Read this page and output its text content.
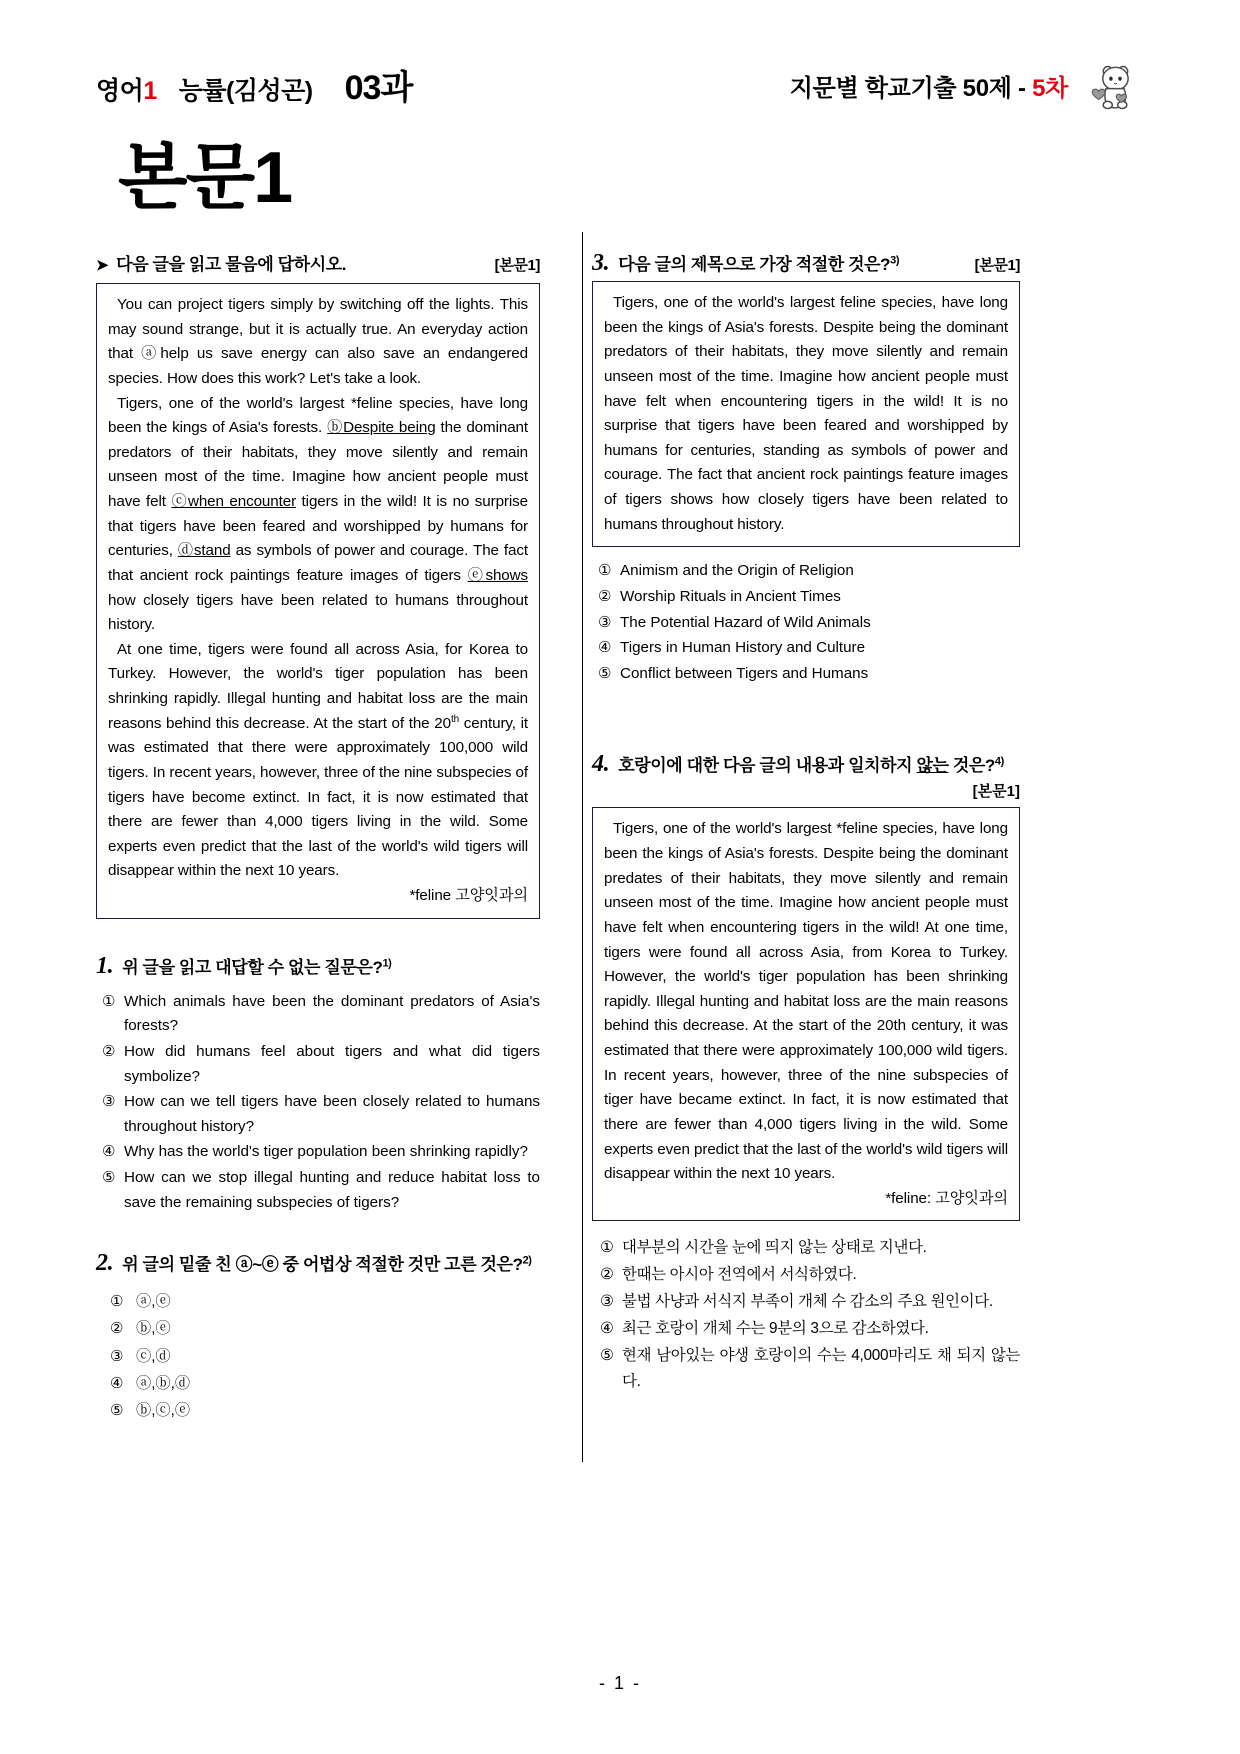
영어1 능률(김성곤) 03과	지문별 학교기출 50제 - 5차
본문1
➤ 다음 글을 읽고 물음에 답하시오.	[본문1]

You can project tigers simply by switching off the lights. This may sound strange, but it is actually true. An everyday action that ⓐhelp us save energy can also save an endangered species. How does this work? Let's take a look.

Tigers, one of the world's largest *feline species, have long been the kings of Asia's forests. ⓑDespite being the dominant predators of their habitats, they move silently and remain unseen most of the time. Imagine how ancient people must have felt ⓒwhen encounter tigers in the wild! It is no surprise that tigers have been feared and worshipped by humans for centuries, ⓓstand as symbols of power and courage. The fact that ancient rock paintings feature images of tigers ⓔshows how closely tigers have been related to humans throughout history.

At one time, tigers were found all across Asia, for Korea to Turkey. However, the world's tiger population has been shrinking rapidly. Illegal hunting and habitat loss are the main reasons behind this decrease. At the start of the 20th century, it was estimated that there were approximately 100,000 wild tigers. In recent years, however, three of the nine subspecies of tigers have become extinct. In fact, it is now estimated that there are fewer than 4,000 tigers living in the wild. Some experts even predict that the last of the world's wild tigers will disappear within the next 10 years.

*feline 고양잇과의

1. 위 글을 읽고 대답할 수 없는 질문은?$^{1)}$
① Which animals have been the dominant predators of Asia's forests?
② How did humans feel about tigers and what did tigers symbolize?
③ How can we tell tigers have been closely related to humans throughout history?
④ Why has the world's tiger population been shrinking rapidly?
⑤ How can we stop illegal hunting and reduce habitat loss to save the remaining subspecies of tigers?
2. 위 글의 밑줄 친 ⓐ~ⓔ 중 어법상 적절한 것만 고른 것은?$^{2)}$
① ⓐ,ⓔ
② ⓑ,ⓔ
③ ⓒ,ⓓ
④ ⓐ,ⓑ,ⓓ
⑤ ⓑ,ⓒ,ⓔ
3. 다음 글의 제목으로 가장 적절한 것은?$^{3)}$	[본문1]

Tigers, one of the world's largest feline species, have long been the kings of Asia's forests. Despite being the dominant predators of their habitats, they move silently and remain unseen most of the time. Imagine how ancient people must have felt when encountering tigers in the wild! It is no surprise that tigers have been feared and worshipped by humans for centuries, standing as symbols of power and courage. The fact that ancient rock paintings feature images of tigers shows how closely tigers have been related to humans throughout history.

① Animism and the Origin of Religion
② Worship Rituals in Ancient Times
③ The Potential Hazard of Wild Animals
④ Tigers in Human History and Culture
⑤ Conflict between Tigers and Humans
4. 호랑이에 대한 다음 글의 내용과 일치하지 않는 것은?$^{4)}$
[본문1]

Tigers, one of the world's largest *feline species, have long been the kings of Asia's forests. Despite being the dominant predates of their habitats, they move silently and remain unseen most of the time. Imagine how ancient people must have felt when encountering tigers in the wild! At one time, tigers were found all across Asia, from Korea to Turkey. However, the world's tiger population has been shrinking rapidly. Illegal hunting and habitat loss are the main reasons behind this decrease. At the start of the 20th century, it was estimated that there were approximately 100,000 wild tigers. In recent years, however, three of the nine subspecies of tiger have became extinct. In fact, it is now estimated that there are fewer than 4,000 tigers living in the wild. Some experts even predict that the last of the world's wild tigers will disappear within the next 10 years.

*feline: 고양잇과의

① 대부분의 시간을 눈에 띄지 않는 상태로 지낸다.
② 한때는 아시아 전역에서 서식하였다.
③ 불법 사냥과 서식지 부족이 개체 수 감소의 주요 원인이다.
④ 최근 호랑이 개체 수는 9분의 3으로 감소하였다.
⑤ 현재 남아있는 야생 호랑이의 수는 4,000마리도 채 되지 않는다.
- 1 -
